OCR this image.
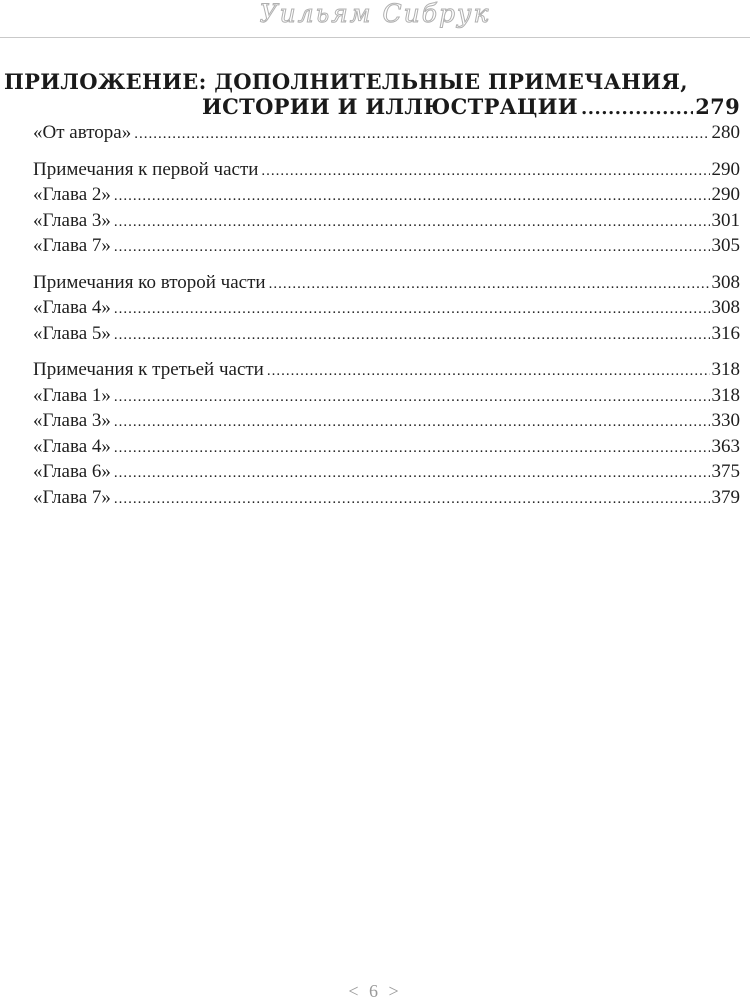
Уильям Сибрук
ПРИЛОЖЕНИЕ: ДОПОЛНИТЕЛЬНЫЕ ПРИМЕЧАНИЯ,
ИСТОРИИ И ИЛЛЮСТРАЦИИ .....	279
«От автора» .....	280
Примечания к первой части .....	290
«Глава 2» .....	290
«Глава 3» .....	301
«Глава 7» .....	305
Примечания ко второй части .....	308
«Глава 4» .....	308
«Глава 5» .....	316
Примечания к третьей части .....	318
«Глава 1» .....	318
«Глава 3» .....	330
«Глава 4» .....	363
«Глава 6» .....	375
«Глава 7» .....	379
< 6 >
